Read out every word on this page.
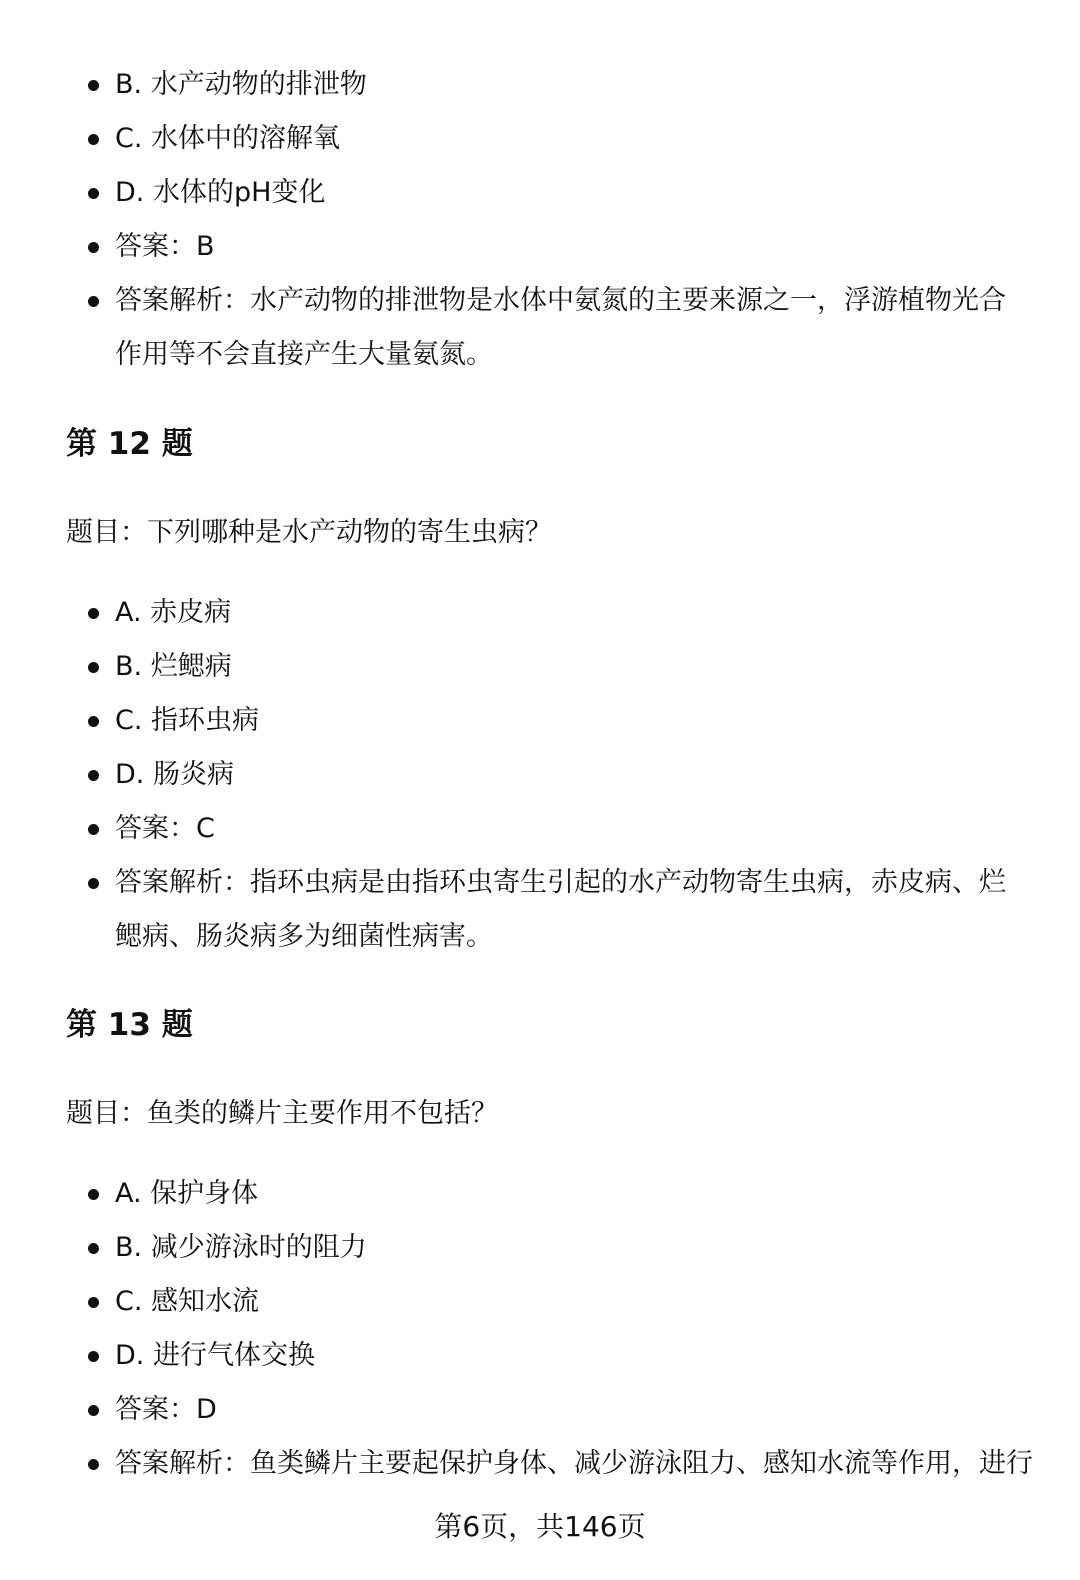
B. 水产动物的排泄物
C. 水体中的溶解氧
D. 水体的pH变化
答案：B
答案解析：水产动物的排泄物是水体中氨氮的主要来源之一，浮游植物光合作用等不会直接产生大量氨氮。
第 12 题
题目：下列哪种是水产动物的寄生虫病？
A. 赤皮病
B. 烂鳃病
C. 指环虫病
D. 肠炎病
答案：C
答案解析：指环虫病是由指环虫寄生引起的水产动物寄生虫病，赤皮病、烂鳃病、肠炎病多为细菌性病害。
第 13 题
题目：鱼类的鳞片主要作用不包括？
A. 保护身体
B. 减少游泳时的阻力
C. 感知水流
D. 进行气体交换
答案：D
答案解析：鱼类鳞片主要起保护身体、减少游泳阻力、感知水流等作用，进行
第6页，共146页
